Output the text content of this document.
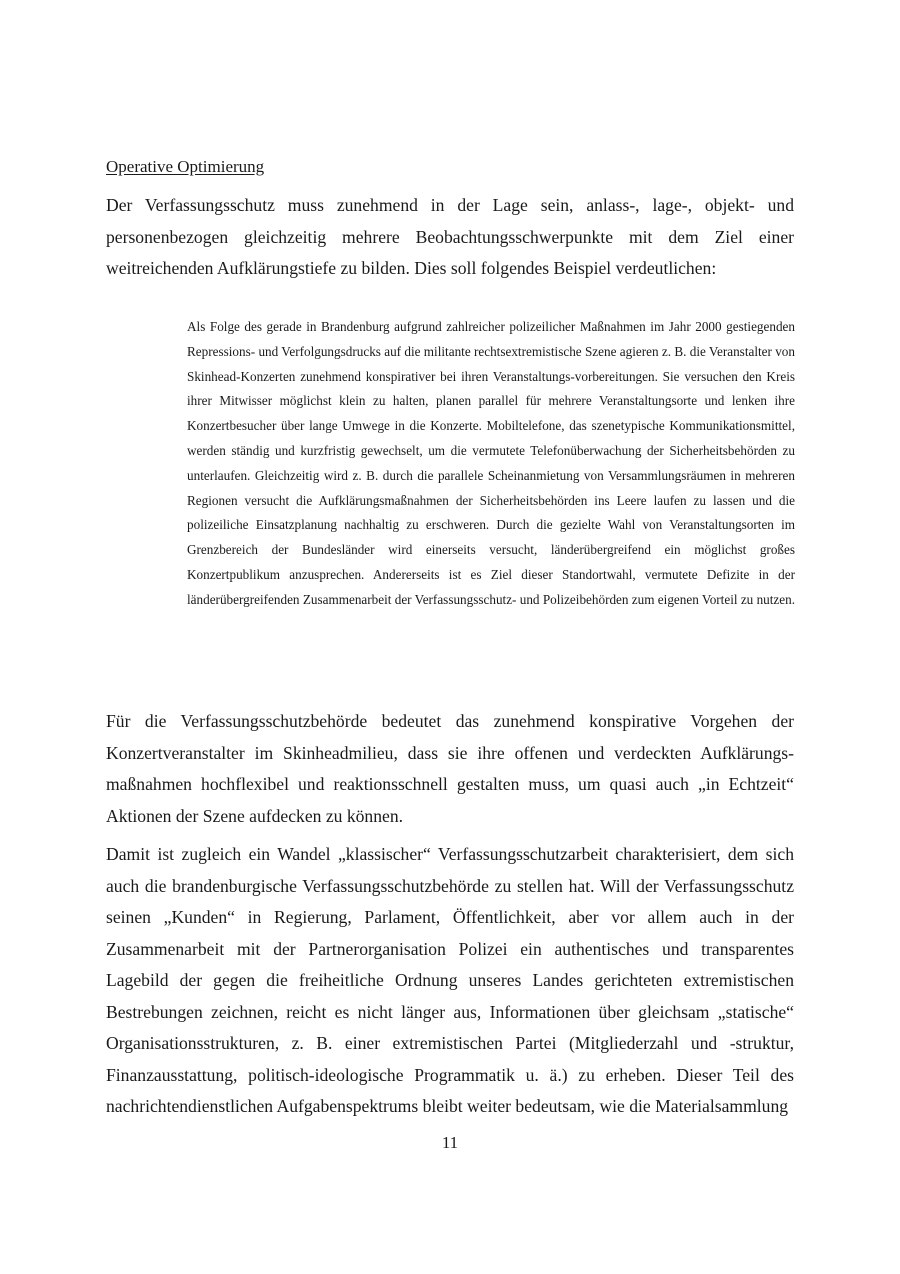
Operative Optimierung

Der Verfassungsschutz muss zunehmend in der Lage sein, anlass-, lage-, objekt- und personenbezogen gleichzeitig mehrere Beobachtungsschwerpunkte mit dem Ziel einer weitreichenden Aufklärungstiefe zu bilden. Dies soll folgendes Beispiel verdeutlichen:

Als Folge des gerade in Brandenburg aufgrund zahlreicher polizeilicher Maßnahmen im Jahr 2000 gestiegenden Repressions- und Verfolgungsdrucks auf die militante rechtsextremistische Szene agieren z. B. die Veranstalter von Skinhead-Konzerten zunehmend konspirativer bei ihren Veranstaltungs-vorbereitungen. Sie versuchen den Kreis ihrer Mitwisser möglichst klein zu halten, planen parallel für mehrere Veranstaltungsorte und lenken ihre Konzertbesucher über lange Umwege in die Konzerte. Mobiltelefone, das szenetypische Kommunikationsmittel, werden ständig und kurzfristig gewechselt, um die vermutete Telefonüberwachung der Sicherheitsbehörden zu unterlaufen. Gleichzeitig wird z. B. durch die parallele Scheinanmietung von Versammlungsräumen in mehreren Regionen versucht die Aufklärungsmaßnahmen der Sicherheitsbehörden ins Leere laufen zu lassen und die polizeiliche Einsatzplanung nachhaltig zu erschweren. Durch die gezielte Wahl von Veranstaltungsorten im Grenzbereich der Bundesländer wird einerseits versucht, länderübergreifend ein möglichst großes Konzertpublikum anzusprechen. Andererseits ist es Ziel dieser Standortwahl, vermutete Defizite in der länderübergreifenden Zusammenarbeit der Verfassungsschutz- und Polizeibehörden zum eigenen Vorteil zu nutzen.

Für die Verfassungsschutzbehörde bedeutet das zunehmend konspirative Vorgehen der Konzertveranstalter im Skinheadmilieu, dass sie ihre offenen und verdeckten Aufklärungs-maßnahmen hochflexibel und reaktionsschnell gestalten muss, um quasi auch „in Echtzeit“ Aktionen der Szene aufdecken zu können.

Damit ist zugleich ein Wandel „klassischer“ Verfassungsschutzarbeit charakterisiert, dem sich auch die brandenburgische Verfassungsschutzbehörde zu stellen hat. Will der Verfassungsschutz seinen „Kunden“ in Regierung, Parlament, Öffentlichkeit, aber vor allem auch in der Zusammenarbeit mit der Partnerorganisation Polizei ein authentisches und transparentes Lagebild der gegen die freiheitliche Ordnung unseres Landes gerichteten extremistischen Bestrebungen zeichnen, reicht es nicht länger aus, Informationen über gleichsam „statische“ Organisationsstrukturen, z. B. einer extremistischen Partei (Mitgliederzahl und -struktur, Finanzausstattung, politisch-ideologische Programmatik u. ä.) zu erheben. Dieser Teil des nachrichtendienstlichen Aufgabenspektrums bleibt weiter bedeutsam, wie die Materialsammlung

11
